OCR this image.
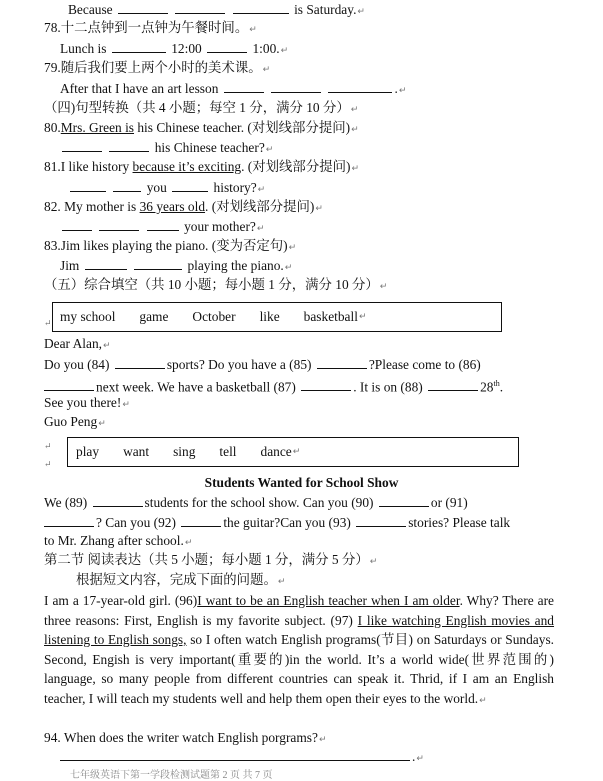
Because	is Saturday.↵
78.十二点钟到一点钟为午餐时间。↵
Lunch is	12:00	1:00.↵
79.随后我们要上两个小时的美术课。↵
After that I have an art lesson	.↵
（四)句型转换（共 4 小题；每空 1 分，满分 10 分）↵
80.Mrs. Green is his Chinese teacher. (对划线部分提问)↵
his Chinese teacher?↵
81.I like history because it’s exciting. (对划线部分提问)↵
you	history?↵
82. My mother is 36 years old. (对划线部分提问)↵
your mother?↵
83.Jim likes playing the piano. (变为否定句)↵
Jim	playing the piano.↵
（五）综合填空（共 10 小题；每小题 1 分，满分 10 分）↵
↵ my school game October like basketball ↵
Dear Alan,↵
Do you (84)	sports? Do you have a (85)	?Please come to (86)
next week. We have a basketball (87)	. It is on (88)	28th.
See you there!↵
Guo Peng↵
↵
↵
play want sing tell dance ↵
Students Wanted for School Show
We (89)	students for the school show. Can you (90)	or (91)
? Can you (92)	the guitar?Can you (93)	stories? Please talk
to Mr. Zhang after school.↵
第二节 阅读表达（共 5 小题；每小题 1 分，满分 5 分）↵
根据短文内容，完成下面的问题。↵
I am a 17-year-old girl. (96)I want to be an English teacher when I am older. Why? There are three reasons: First, English is my favorite subject. (97) I like watching English movies and listening to English songs, so I often watch English programs(节目) on Saturdays or Sundays. Second, Engish is very important(重要的)in the world. It’s a world wide(世界范围的) language, so many people from different countries can speak it. Thrid, if I am an English teacher, I will teach my students well and help them open their eyes to the world.↵
94. When does the writer watch English porgrams?↵
.↵
七年级英语下第一学段检测试题第 2 页 共 7 页
